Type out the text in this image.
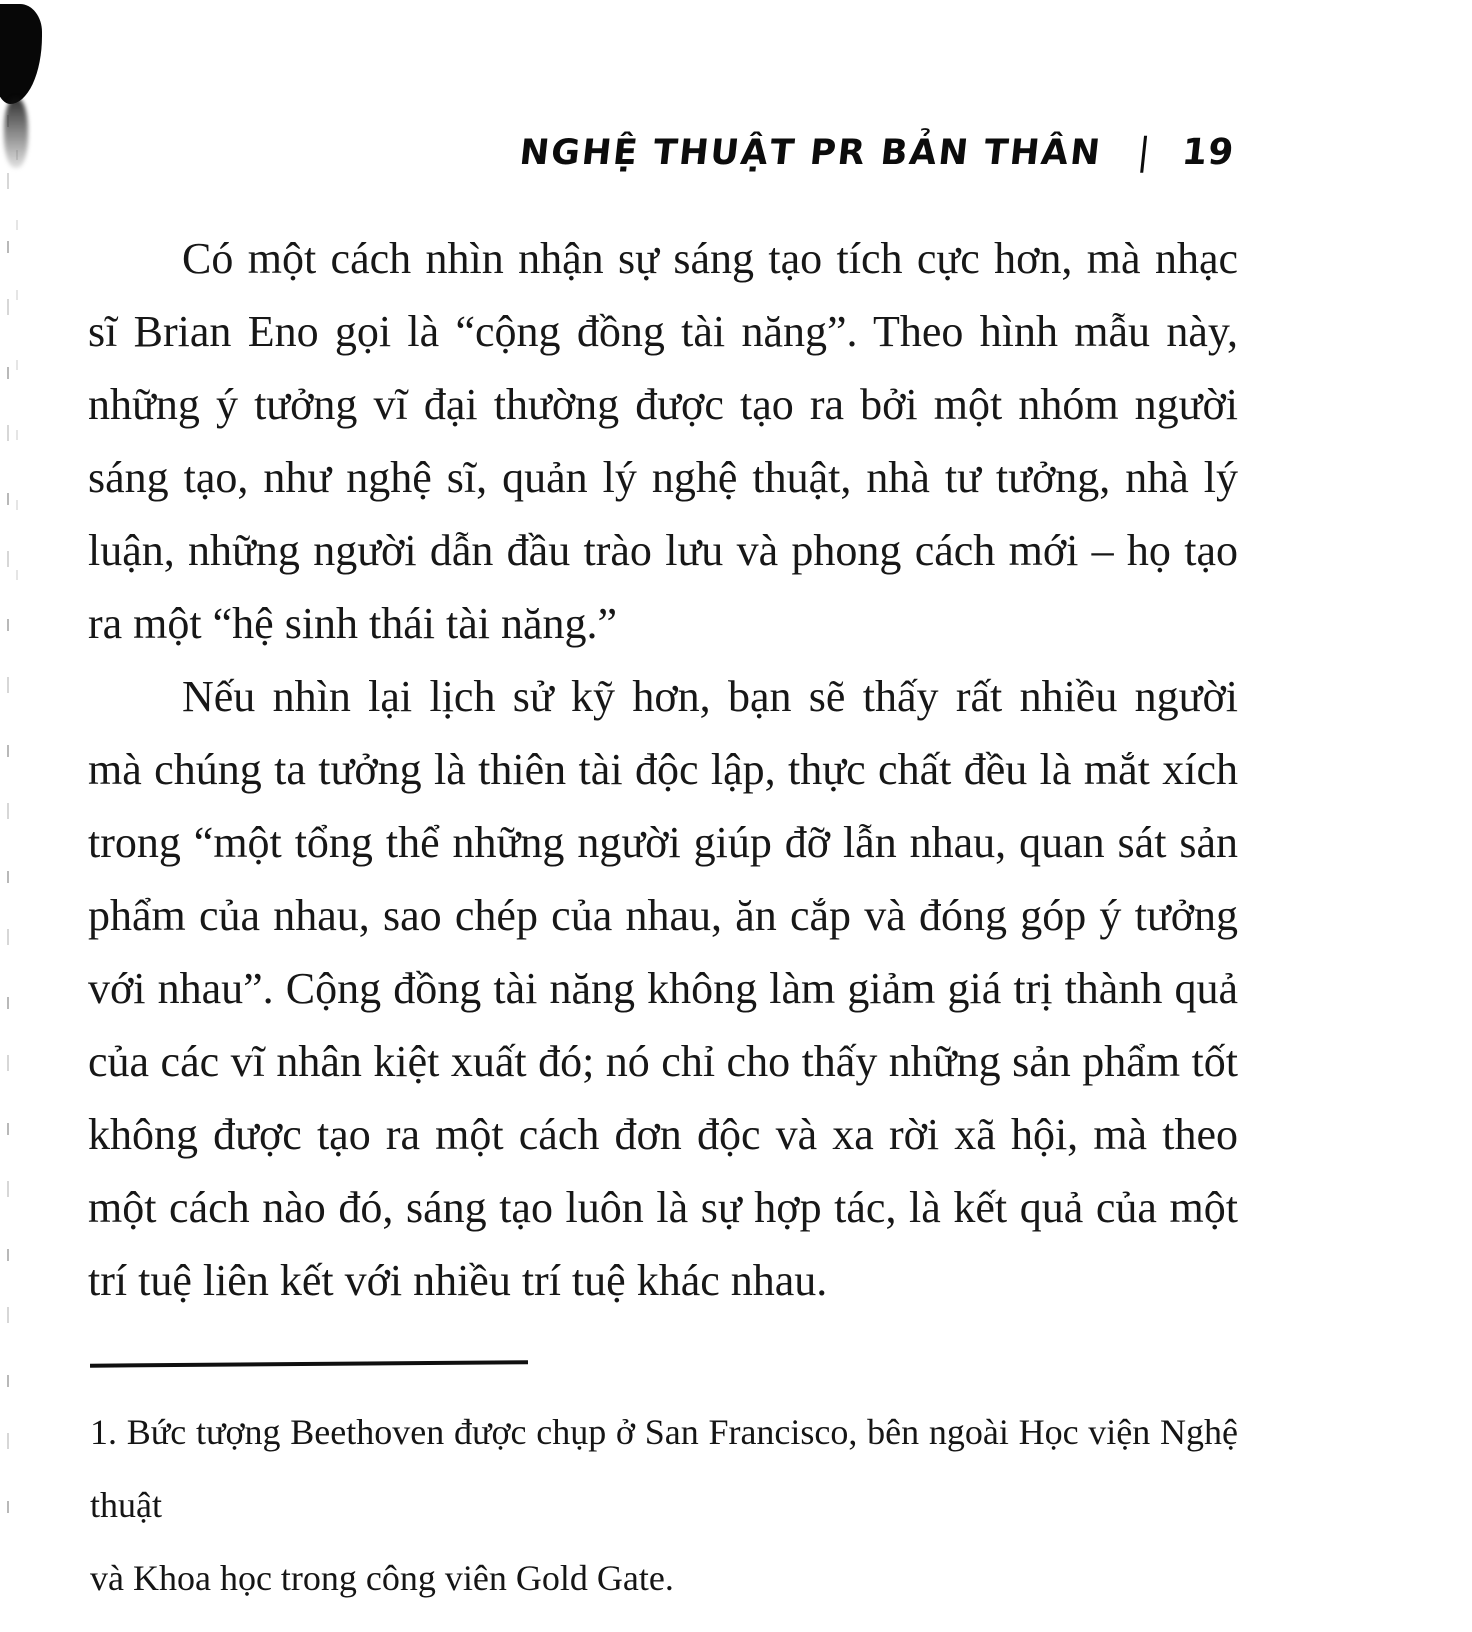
NGHỆ THUẬT PR BẢN THÂN | 19
Có một cách nhìn nhận sự sáng tạo tích cực hơn, mà nhạc
sĩ Brian Eno gọi là “cộng đồng tài năng”. Theo hình mẫu này,
những ý tưởng vĩ đại thường được tạo ra bởi một nhóm người
sáng tạo, như nghệ sĩ, quản lý nghệ thuật, nhà tư tưởng, nhà lý
luận, những người dẫn đầu trào lưu và phong cách mới – họ tạo
ra một “hệ sinh thái tài năng.”
Nếu nhìn lại lịch sử kỹ hơn, bạn sẽ thấy rất nhiều người
mà chúng ta tưởng là thiên tài độc lập, thực chất đều là mắt xích
trong “một tổng thể những người giúp đỡ lẫn nhau, quan sát sản
phẩm của nhau, sao chép của nhau, ăn cắp và đóng góp ý tưởng
với nhau”. Cộng đồng tài năng không làm giảm giá trị thành quả
của các vĩ nhân kiệt xuất đó; nó chỉ cho thấy những sản phẩm tốt
không được tạo ra một cách đơn độc và xa rời xã hội, mà theo
một cách nào đó, sáng tạo luôn là sự hợp tác, là kết quả của một
trí tuệ liên kết với nhiều trí tuệ khác nhau.
1. Bức tượng Beethoven được chụp ở San Francisco, bên ngoài Học viện Nghệ thuật
và Khoa học trong công viên Gold Gate.
